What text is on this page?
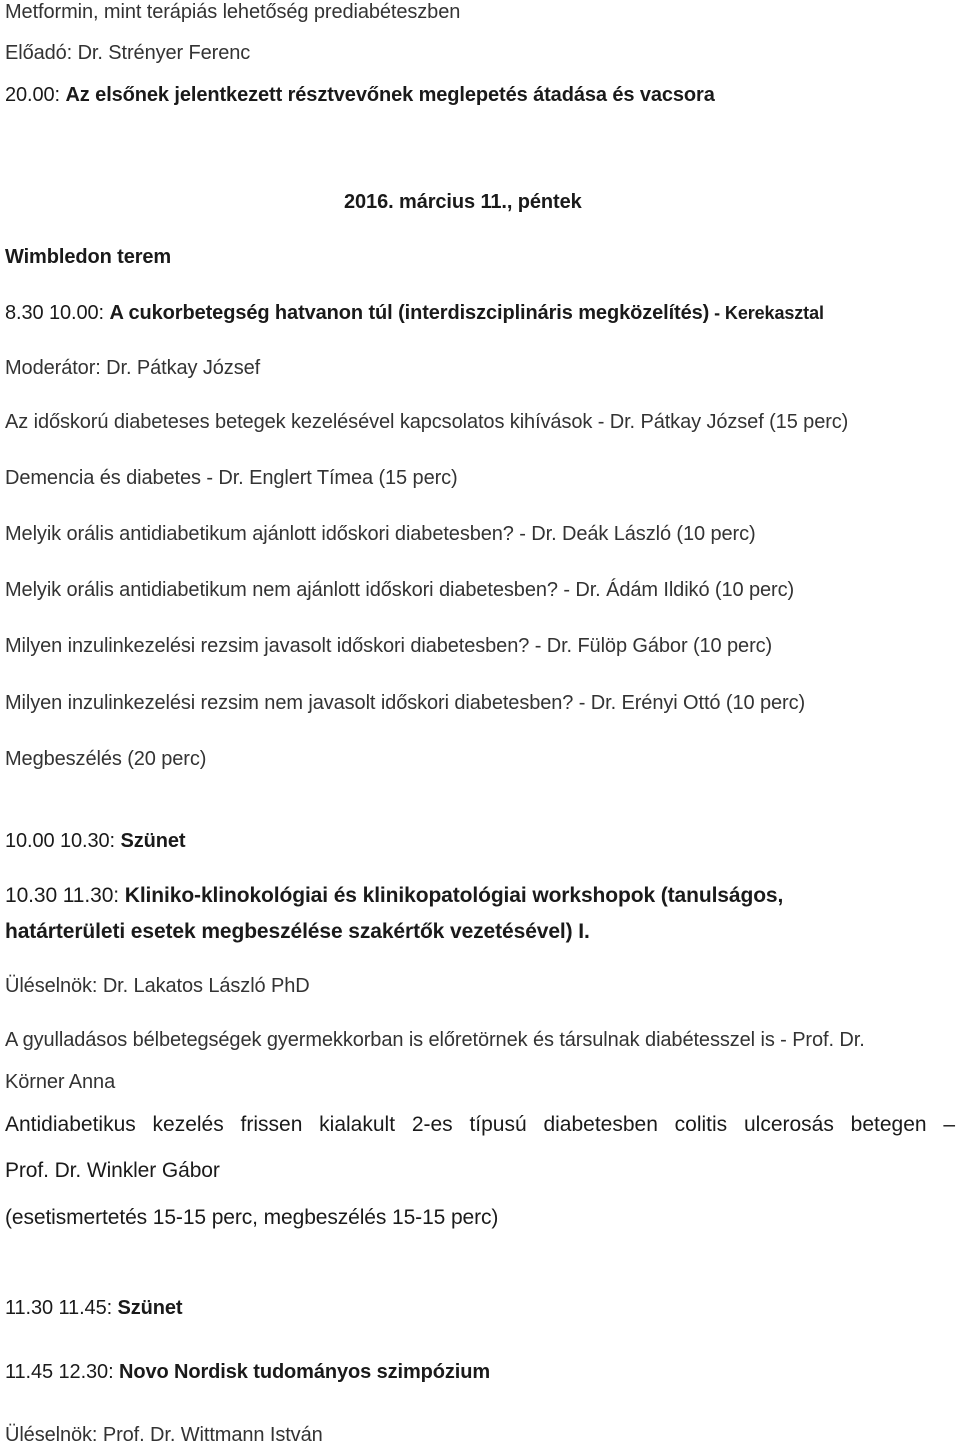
Metformin, mint terápiás lehetőség prediabéteszben
Előadó: Dr. Strényer Ferenc
20.00: Az elsőnek jelentkezett résztvevőnek meglepetés átadása és vacsora
2016. március 11., péntek
Wimbledon terem
8.30 10.00: A cukorbetegség hatvanon túl (interdiszciplináris megközelítés) - Kerekasztal
Moderátor: Dr. Pátkay József
Az időskorú diabeteses betegek kezelésével kapcsolatos kihívások - Dr. Pátkay József (15 perc)
Demencia és diabetes - Dr. Englert Tímea (15 perc)
Melyik orális antidiabetikum ajánlott időskori diabetesben? - Dr. Deák László (10 perc)
Melyik orális antidiabetikum nem ajánlott időskori diabetesben? - Dr. Ádám Ildikó (10 perc)
Milyen inzulinkezelési rezsim javasolt időskori diabetesben? - Dr. Fülöp Gábor (10 perc)
Milyen inzulinkezelési rezsim nem javasolt időskori diabetesben? - Dr. Erényi Ottó (10 perc)
Megbeszélés (20 perc)
10.00 10.30: Szünet
10.30 11.30: Kliniko-klinokológiai és klinikopatológiai workshopok (tanulságos,
határterületi esetek megbeszélése szakértők vezetésével) I.
Üléselnök: Dr. Lakatos László PhD
A gyulladásos bélbetegségek gyermekkorban is előretörnek és társulnak diabétesszel is - Prof. Dr.
Körner Anna
Antidiabetikus kezelés frissen kialakult 2-es típusú diabetesben colitis ulcerosás betegen –
Prof. Dr. Winkler Gábor
(esetismertetés 15-15 perc, megbeszélés 15-15 perc)
11.30 11.45: Szünet
11.45 12.30: Novo Nordisk tudományos szimpózium
Üléselnök: Prof. Dr. Wittmann István
